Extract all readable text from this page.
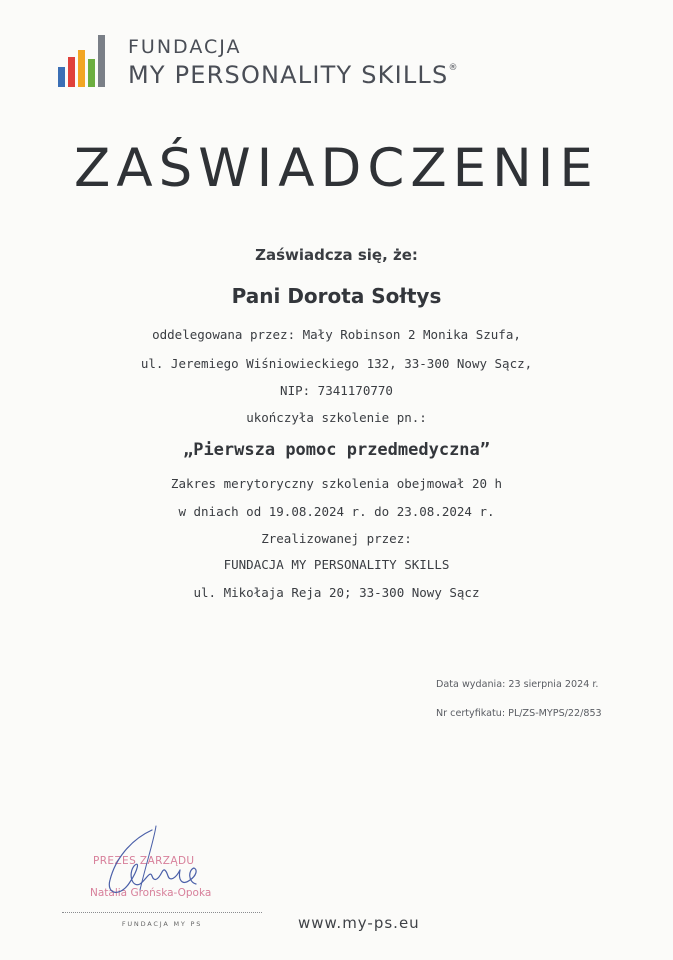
FUNDACJA
MY PERSONALITY SKILLS®
ZAŚWIADCZENIE
Zaświadcza się, że:
Pani Dorota Sołtys
oddelegowana przez: Mały Robinson 2 Monika Szufa,
ul. Jeremiego Wiśniowieckiego 132, 33-300 Nowy Sącz,
NIP: 7341170770
ukończyła szkolenie pn.:
„Pierwsza pomoc przedmedyczna”
Zakres merytoryczny szkolenia obejmował 20 h
w dniach od 19.08.2024 r. do 23.08.2024 r.
Zrealizowanej przez:
FUNDACJA MY PERSONALITY SKILLS
ul. Mikołaja Reja 20; 33-300 Nowy Sącz
Data wydania: 23 sierpnia 2024 r.
Nr certyfikatu: PL/ZS-MYPS/22/853
PREZES ZARZĄDU
Natalia Grońska-Opoka
FUNDACJA MY PS	www.my-ps.eu
